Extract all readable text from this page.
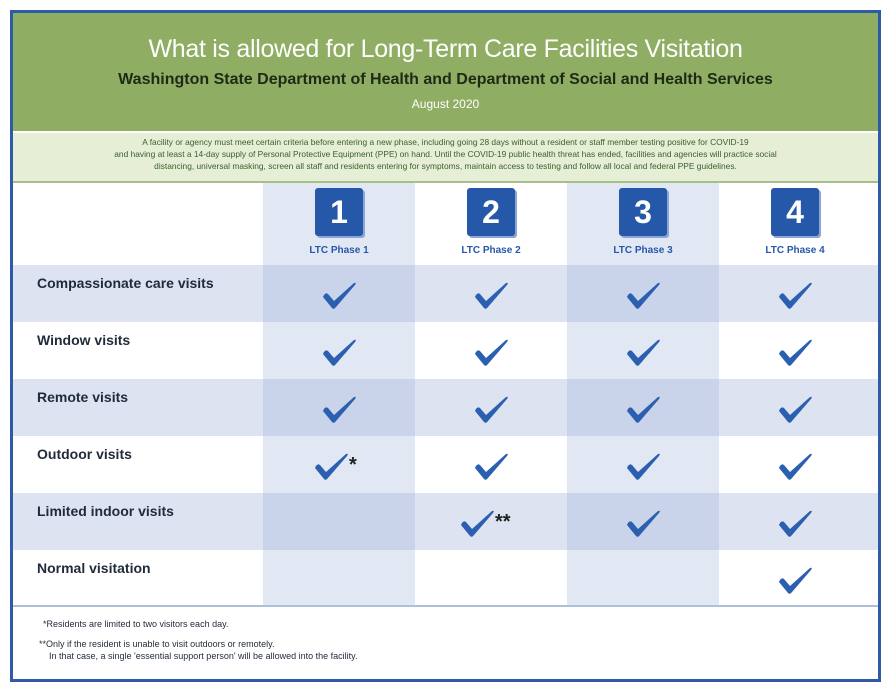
What is allowed for Long-Term Care Facilities Visitation
Washington State Department of Health and Department of Social and Health Services
August 2020
A facility or agency must meet certain criteria before entering a new phase, including going 28 days without a resident or staff member testing positive for COVID-19
and having at least a 14-day supply of Personal Protective Equipment (PPE) on hand. Until the COVID-19 public health threat has ended, facilities and agencies will practice social
distancing, universal masking, screen all staff and residents entering for symptoms, maintain access to testing and follow all local and federal PPE guidelines.
1
LTC Phase 1
2
LTC Phase 2
3
LTC Phase 3
4
LTC Phase 4
Compassionate care visits
Window visits
Remote visits
Outdoor visits	*
Limited indoor visits	**
Normal visitation
*Residents are limited to two visitors each day.
**Only if the resident is unable to visit outdoors or remotely.
In that case, a single 'essential support person' will be allowed into the facility.
